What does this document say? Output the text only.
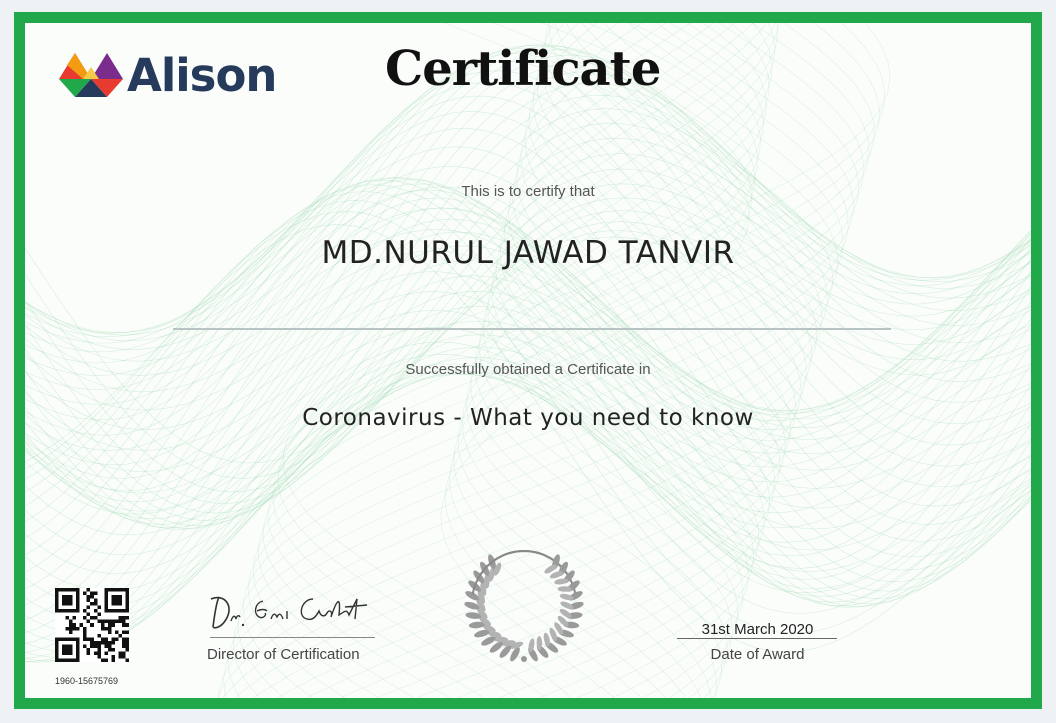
Alison Certificate
This is to certify that
MD.NURUL JAWAD TANVIR
Successfully obtained a Certificate in
Coronavirus - What you need to know
1960-15675769
Director of Certification
31st March 2020
Date of Award
